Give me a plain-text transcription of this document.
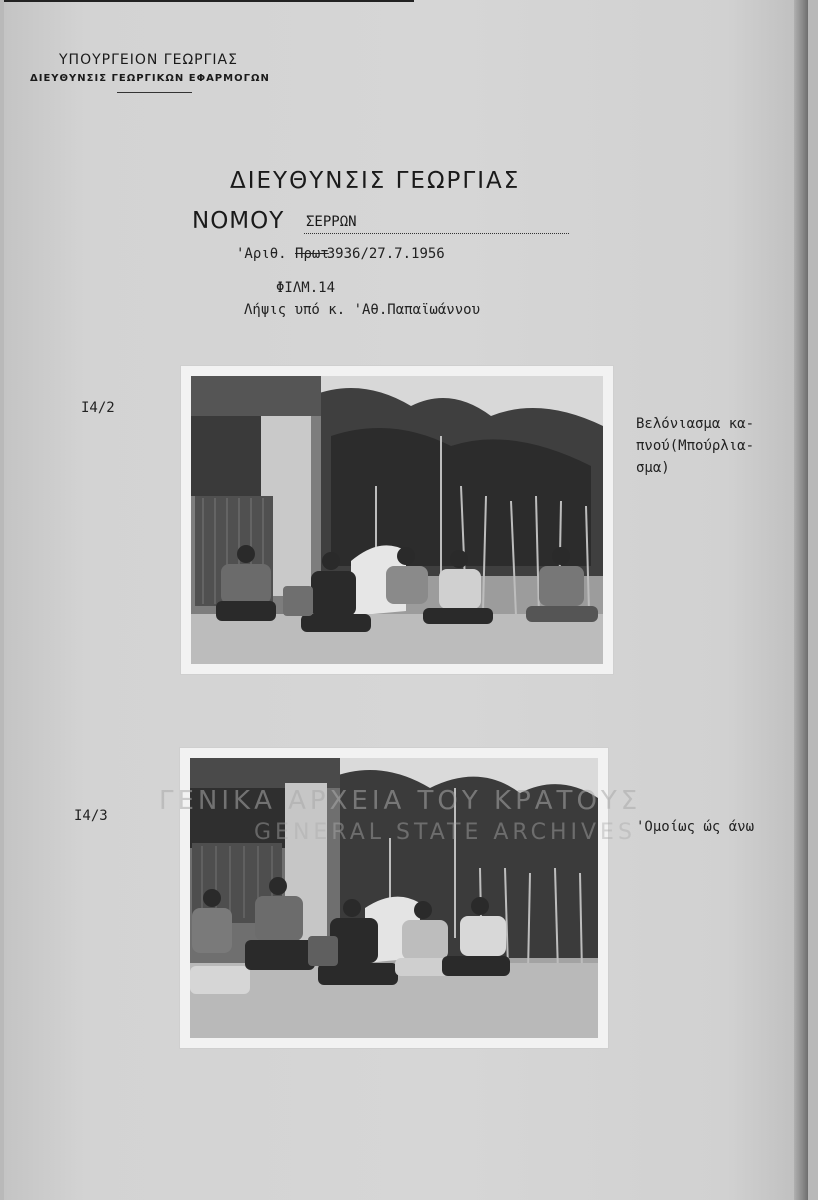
ΥΠΟΥΡΓΕΙΟΝ ΓΕΩΡΓΙΑΣ
ΔΙΕΥΘΥΝΣΙΣ ΓΕΩΡΓΙΚΩΝ ΕΦΑΡΜΟΓΩΝ
ΔΙΕΥΘΥΝΣΙΣ ΓΕΩΡΓΙΑΣ
ΝΟΜΟΥ ΣΕΡΡΩΝ
'Αριθ. Πρωτ3936/27.7.1956
ΦΙΛΜ.14
Λήψις υπό κ. 'Αθ.Παπαϊωάννου
I4/2
Βελόνιασμα κα-
πνού(Μπούρλια-
σμα)
I4/3
'Ομοίως ώς άνω
ΓΕΝΙΚΑ ΑΡΧΕΙΑ ΤΟΥ ΚΡΑΤΟΥΣ
GENERAL STATE ARCHIVES
